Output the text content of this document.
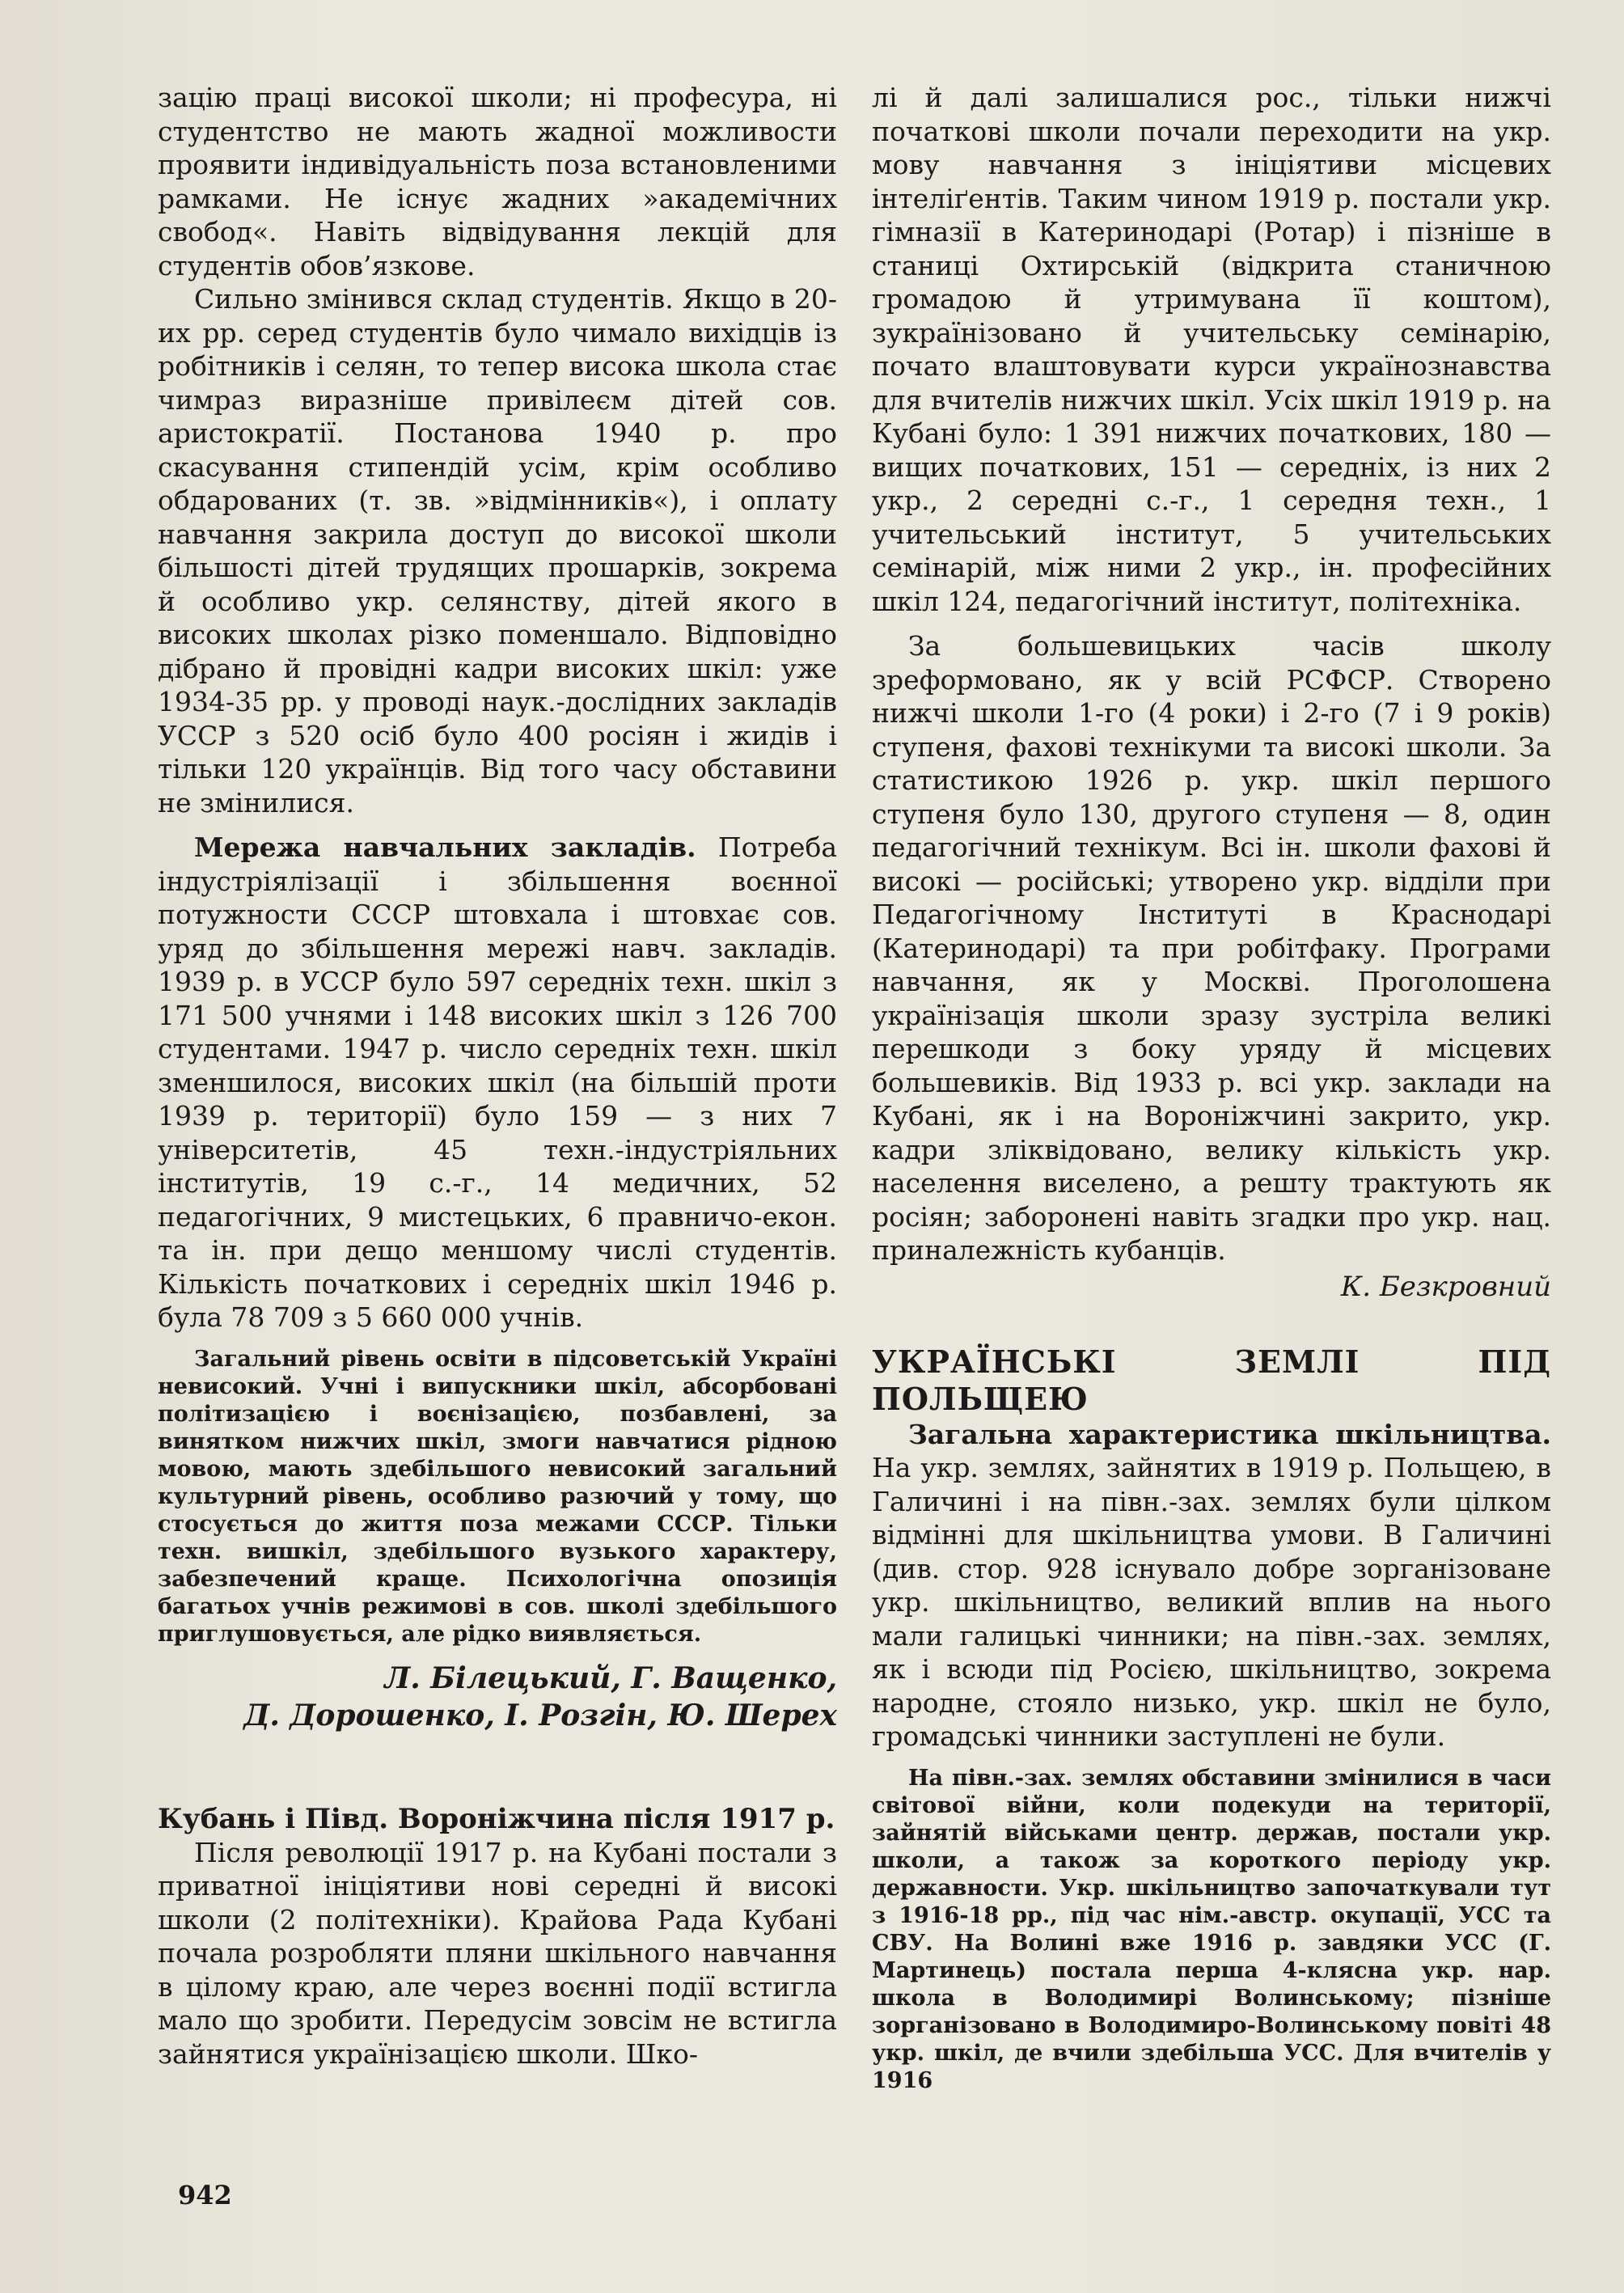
зацію праці високої школи; ні професура, ні студентство не мають жадної можливости проявити індивідуальність поза встановленими рамками. Не існує жадних »академічних свобод«. Навіть відвідування лекцій для студентів обов’язкове.

Сильно змінився склад студентів. Якщо в 20-их рр. серед студентів було чимало вихідців із робітників і селян, то тепер висока школа стає чимраз виразніше привілеєм дітей сов. аристократії. Постанова 1940 р. про скасування стипендій усім, крім особливо обдарованих (т. зв. »відмінників«), і оплату навчання закрила доступ до високої школи більшості дітей трудящих прошарків, зокрема й особливо укр. селянству, дітей якого в високих школах різко поменшало. Відповідно дібрано й провідні кадри високих шкіл: уже 1934-35 рр. у проводі наук.-дослідних закладів УССР з 520 осіб було 400 росіян і жидів і тільки 120 українців. Від того часу обставини не змінилися.

Мережа навчальних закладів. Потреба індустріялізації і збільшення воєнної потужности СССР штовхала і штовхає сов. уряд до збільшення мережі навч. закладів. 1939 р. в УССР було 597 середніх техн. шкіл з 171 500 учнями і 148 високих шкіл з 126 700 студентами. 1947 р. число середніх техн. шкіл зменшилося, високих шкіл (на більшій проти 1939 р. території) було 159 — з них 7 університетів, 45 техн.-індустріяльних інститутів, 19 с.-г., 14 медичних, 52 педагогічних, 9 мистецьких, 6 правничо-екон. та ін. при дещо меншому числі студентів. Кількість початкових і середніх шкіл 1946 р. була 78 709 з 5 660 000 учнів.

Загальний рівень освіти в підсоветській Україні невисокий. Учні і випускники шкіл, абсорбовані політизацією і воєнізацією, позбавлені, за винятком нижчих шкіл, змоги навчатися рідною мовою, мають здебільшого невисокий загальний культурний рівень, особливо разючий у тому, що стосується до життя поза межами СССР. Тільки техн. вишкіл, здебільшого вузького характеру, забезпечений краще. Психологічна опозиція багатьох учнів режимові в сов. школі здебільшого приглушовується, але рідко виявляється.

Л. Білецький, Г. Ващенко,

Д. Дорошенко, І. Розгін, Ю. Шерех

Кубань і Півд. Вороніжчина після 1917 р.

Після революції 1917 р. на Кубані постали з приватної ініціятиви нові середні й високі школи (2 політехніки). Крайова Рада Кубані почала розробляти пляни шкільного навчання в цілому краю, але через воєнні події встигла мало що зробити. Передусім зовсім не встигла зайнятися українізацією школи. Шко-

лі й далі залишалися рос., тільки нижчі початкові школи почали переходити на укр. мову навчання з ініціятиви місцевих інтеліґентів. Таким чином 1919 р. постали укр. гімназії в Катеринодарі (Ротар) і пізніше в станиці Охтирській (відкрита станичною громадою й утримувана її коштом), зукраїнізовано й учительську семінарію, почато влаштовувати курси українознавства для вчителів нижчих шкіл. Усіх шкіл 1919 р. на Кубані було: 1 391 нижчих початкових, 180 — вищих початкових, 151 — середніх, із них 2 укр., 2 середні с.-г., 1 середня техн., 1 учительський інститут, 5 учительських семінарій, між ними 2 укр., ін. професійних шкіл 124, педагогічний інститут, політехніка.

За большевицьких часів школу зреформовано, як у всій РСФСР. Створено нижчі школи 1-го (4 роки) і 2-го (7 і 9 років) ступеня, фахові технікуми та високі школи. За статистикою 1926 р. укр. шкіл першого ступеня було 130, другого ступеня — 8, один педагогічний технікум. Всі ін. школи фахові й високі — російські; утворено укр. відділи при Педагогічному Інституті в Краснодарі (Катеринодарі) та при робітфаку. Програми навчання, як у Москві. Проголошена українізація школи зразу зустріла великі перешкоди з боку уряду й місцевих большевиків. Від 1933 р. всі укр. заклади на Кубані, як і на Вороніжчині закрито, укр. кадри зліквідовано, велику кількість укр. населення виселено, а решту трактують як росіян; заборонені навіть згадки про укр. нац. приналежність кубанців.

К. Безкровний

УКРАЇНСЬКІ ЗЕМЛІ ПІД ПОЛЬЩЕЮ

Загальна характеристика шкільництва. На укр. землях, зайнятих в 1919 р. Польщею, в Галичині і на півн.-зах. землях були цілком відмінні для шкільництва умови. В Галичині (див. стор. 928 існувало добре зорганізоване укр. шкільництво, великий вплив на нього мали галицькі чинники; на півн.-зах. землях, як і всюди під Росією, шкільництво, зокрема народне, стояло низько, укр. шкіл не було, громадські чинники заступлені не були.

На півн.-зах. землях обставини змінилися в часи світової війни, коли подекуди на території, зайнятій військами центр. держав, постали укр. школи, а також за короткого періоду укр. державности. Укр. шкільництво започаткували тут з 1916-18 рр., під час нім.-австр. окупації, УСС та СВУ. На Волині вже 1916 р. завдяки УСС (Г. Мартинець) постала перша 4-клясна укр. нар. школа в Володимирі Волинському; пізніше зорганізовано в Володимиро-Волинському повіті 48 укр. шкіл, де вчили здебільша УСС. Для вчителів у 1916

942
